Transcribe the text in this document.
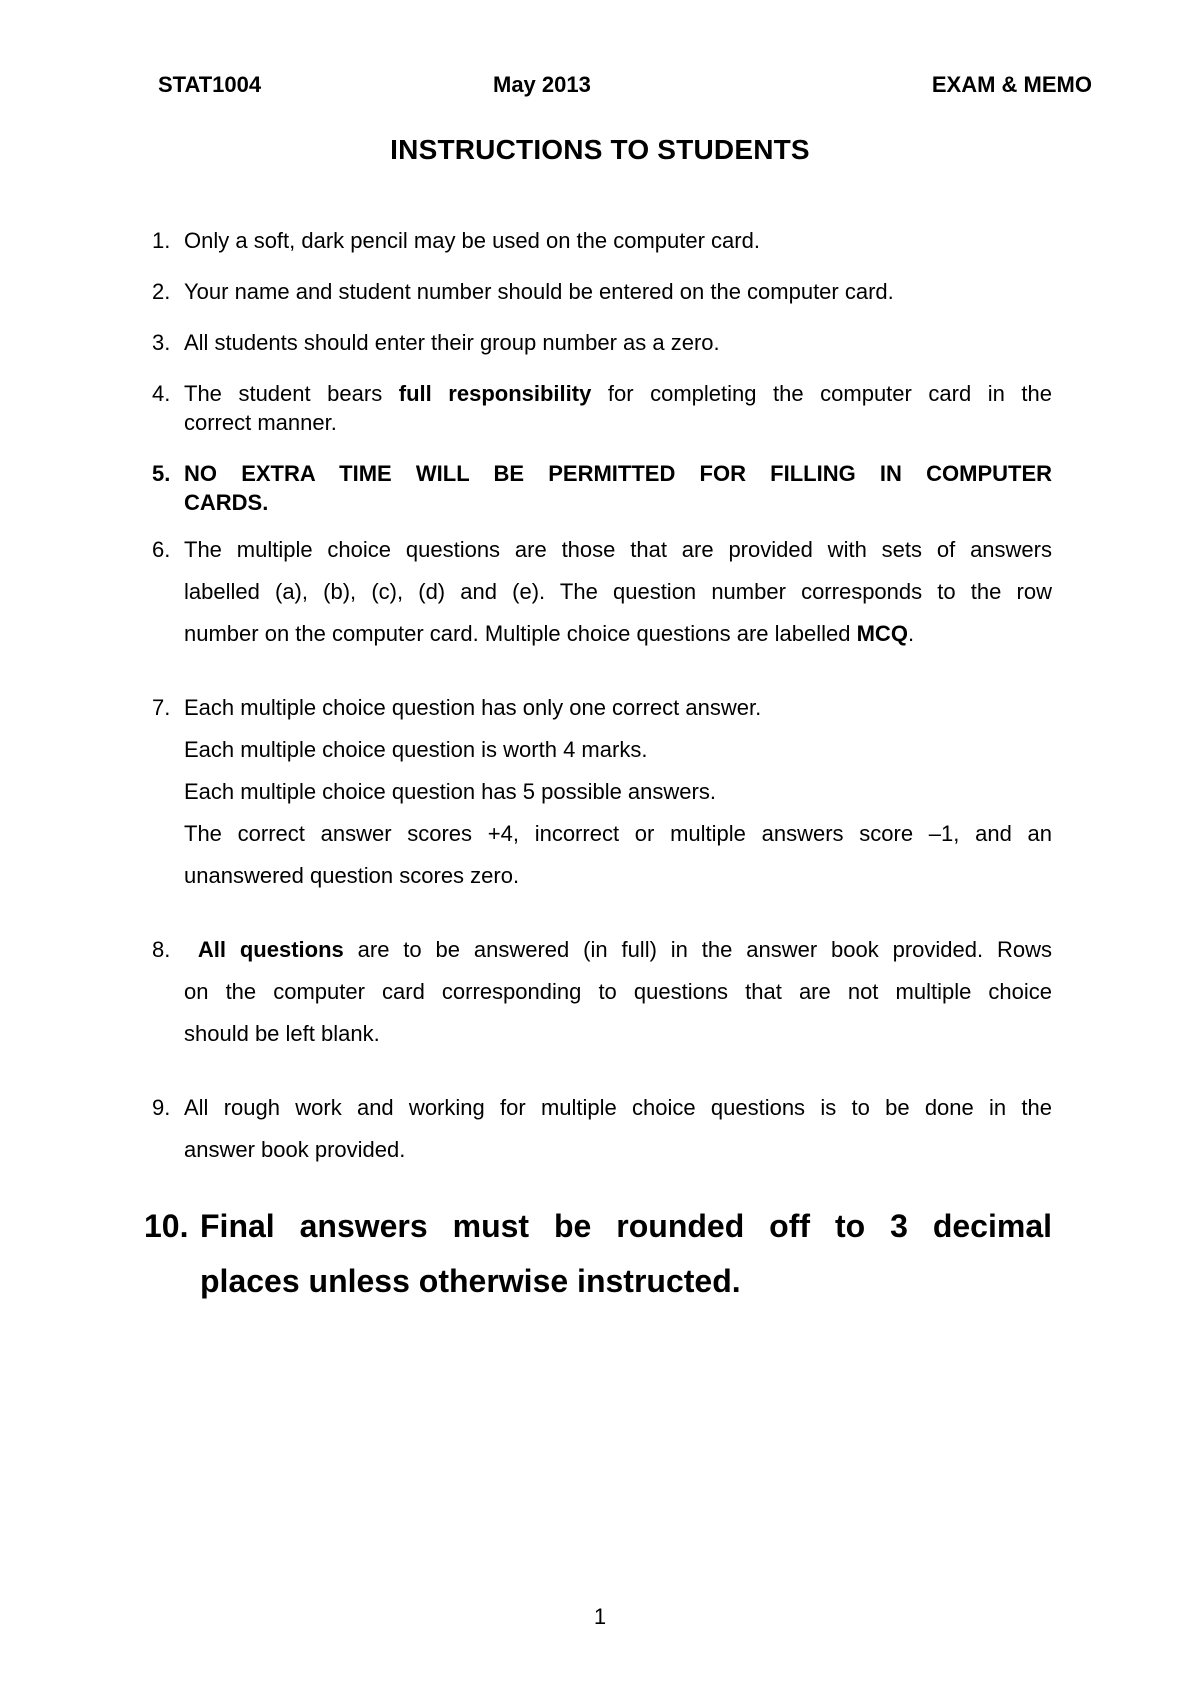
STAT1004	May 2013	EXAM & MEMO
INSTRUCTIONS TO STUDENTS
1. Only a soft, dark pencil may be used on the computer card.
2. Your name and student number should be entered on the computer card.
3. All students should enter their group number as a zero.
4. The student bears full responsibility for completing the computer card in the
correct manner.
5. NO EXTRA TIME WILL BE PERMITTED FOR FILLING IN COMPUTER
CARDS.
6. The multiple choice questions are those that are provided with sets of answers
labelled (a), (b), (c), (d) and (e). The question number corresponds to the row
number on the computer card. Multiple choice questions are labelled MCQ.
7. Each multiple choice question has only one correct answer.
Each multiple choice question is worth 4 marks.
Each multiple choice question has 5 possible answers.
The correct answer scores +4, incorrect or multiple answers score –1, and an
unanswered question scores zero.
8.	All questions are to be answered (in full) in the answer book provided. Rows
on the computer card corresponding to questions that are not multiple choice
should be left blank.
9. All rough work and working for multiple choice questions is to be done in the
answer book provided.
10. Final answers must be rounded off to 3 decimal
places unless otherwise instructed.
1
